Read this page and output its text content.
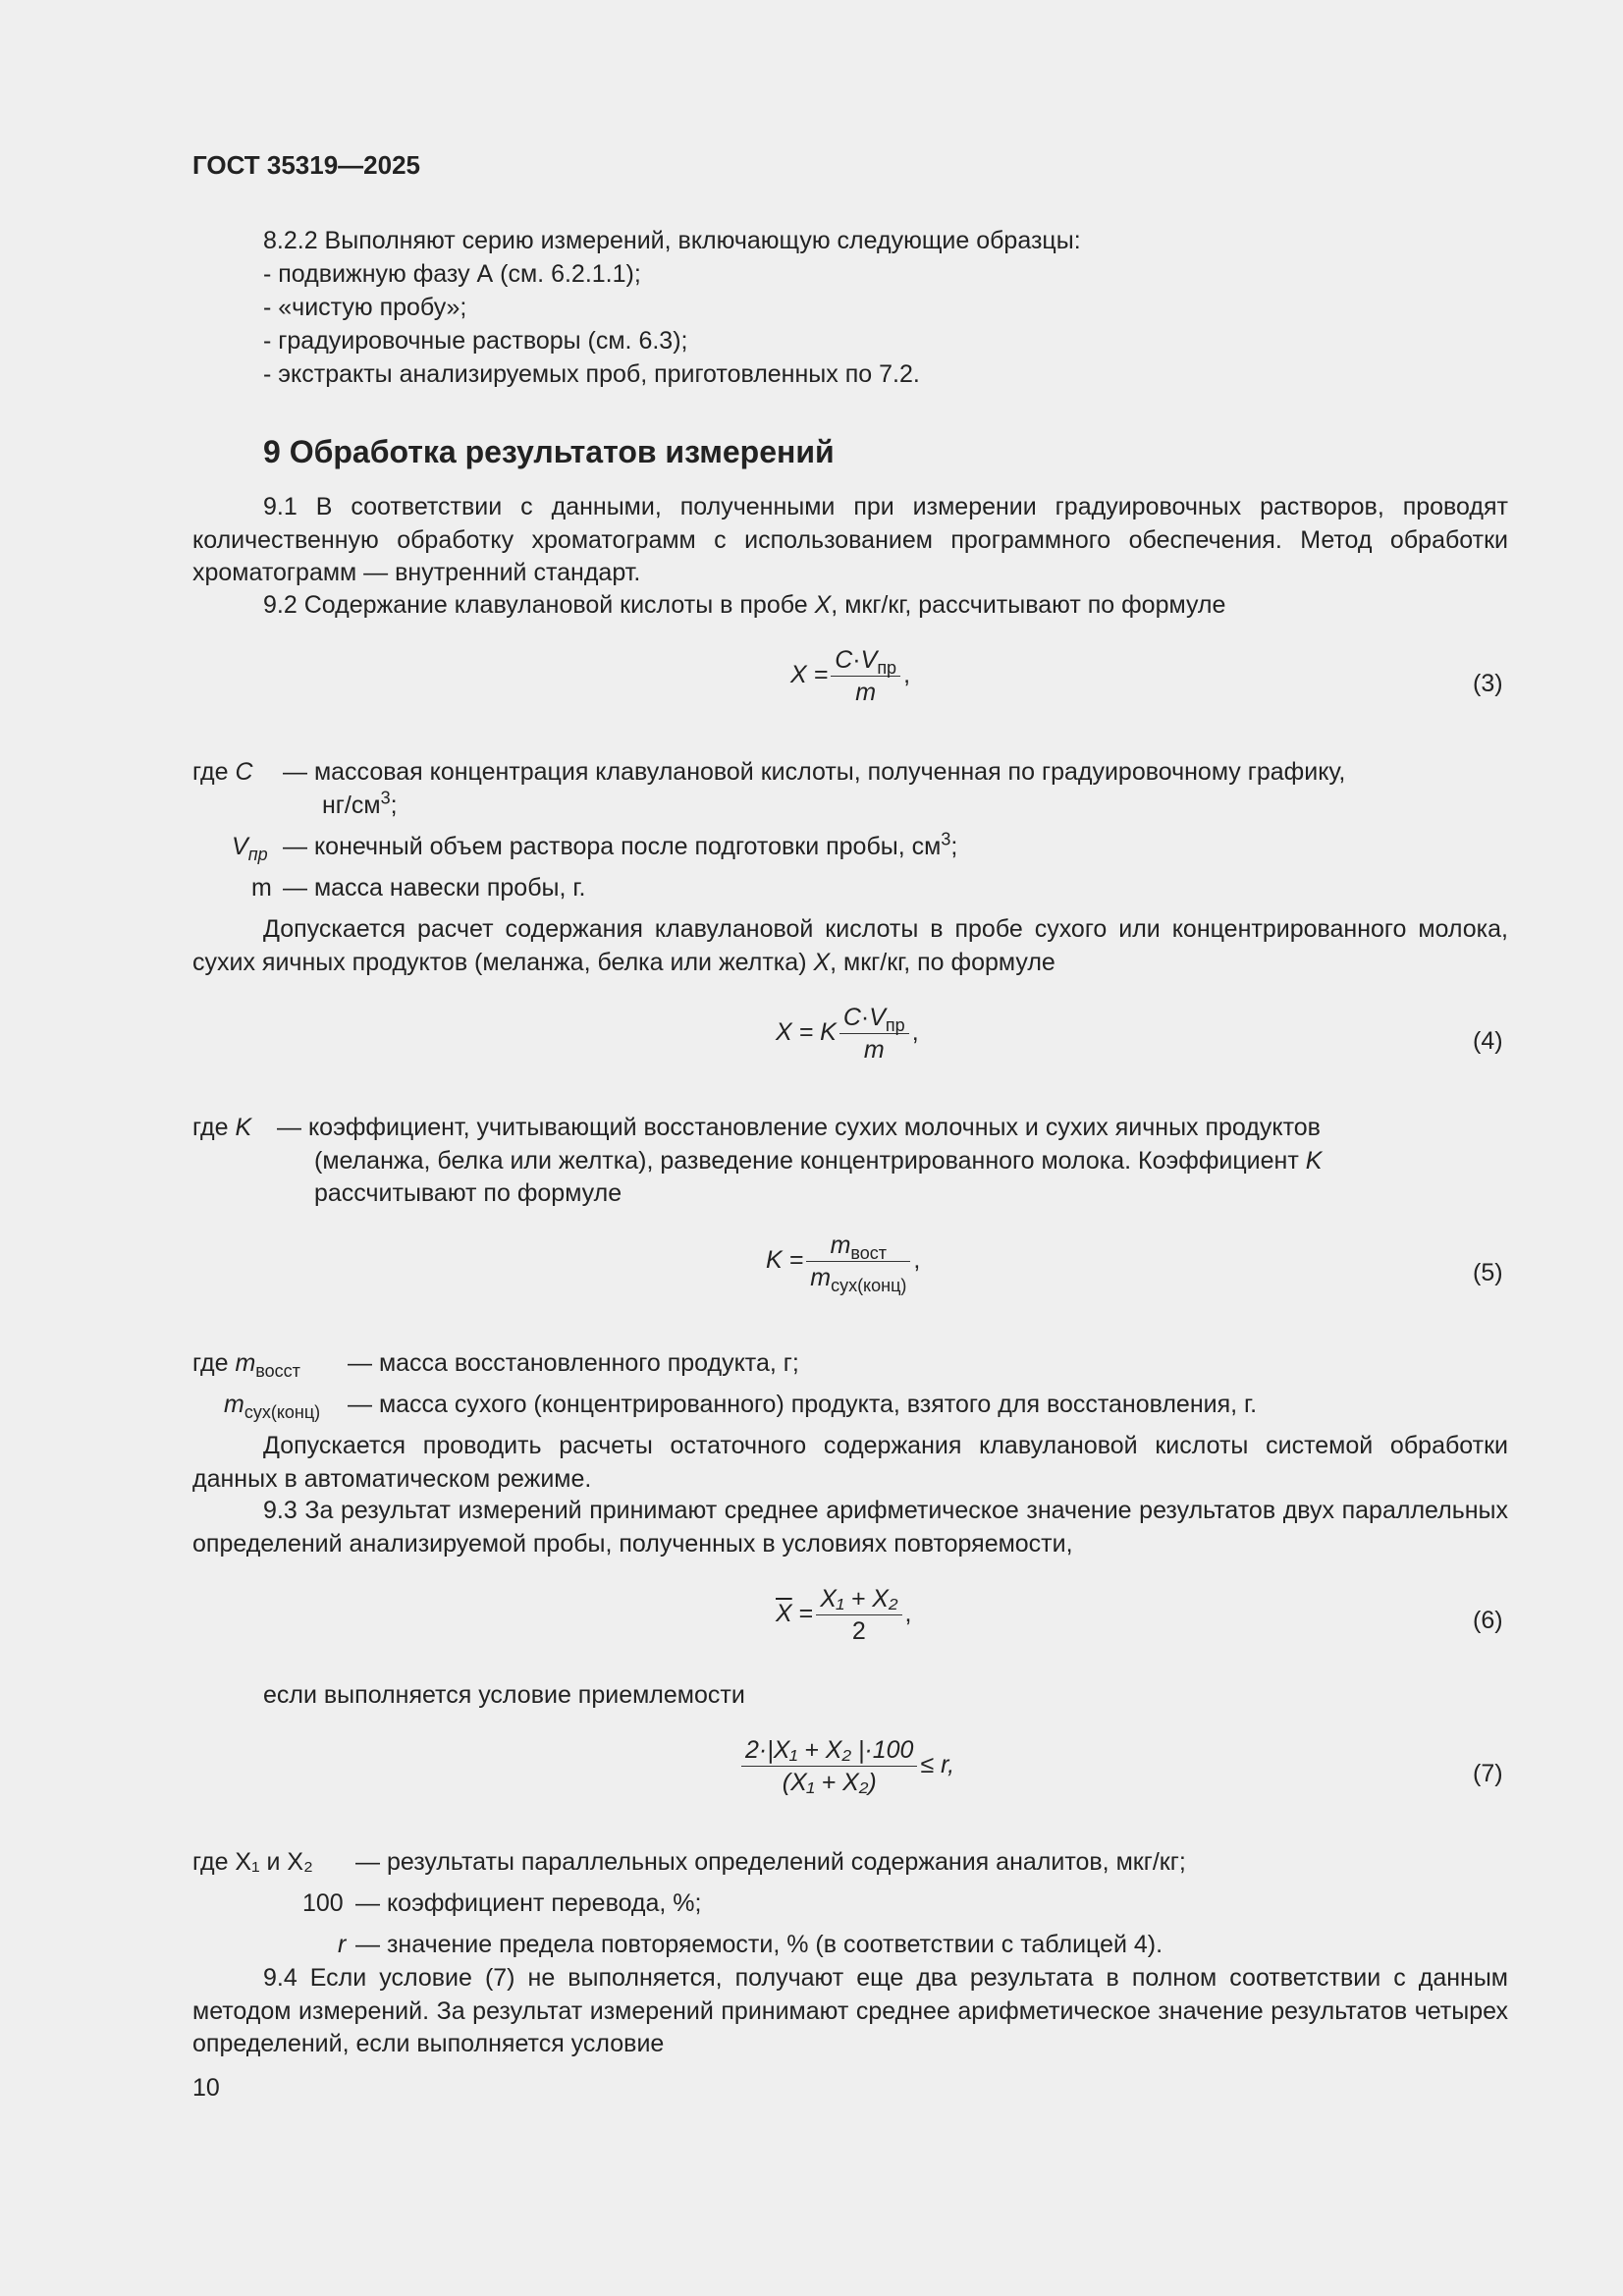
ГОСТ 35319—2025
8.2.2 Выполняют серию измерений, включающую следующие образцы:
- подвижную фазу А (см. 6.2.1.1);
- «чистую пробу»;
- градуировочные растворы (см. 6.3);
- экстракты анализируемых проб, приготовленных по 7.2.
9 Обработка результатов измерений
9.1 В соответствии с данными, полученными при измерении градуировочных растворов, проводят количественную обработку хроматограмм с использованием программного обеспечения. Метод обработки хроматограмм — внутренний стандарт.
9.2 Содержание клавулановой кислоты в пробе X, мкг/кг, рассчитывают по формуле
$X = \frac{C\cdot V_{пр}}{m}$ ,	(3)
где C — массовая концентрация клавулановой кислоты, полученная по градуировочному графику,
$нг/см^3$;
$V_{пр}$ — конечный объем раствора после подготовки пробы, $см^3$;
m — масса навески пробы, г.
Допускается расчет содержания клавулановой кислоты в пробе сухого или концентрированного молока, сухих яичных продуктов (меланжа, белка или желтка) X, мкг/кг, по формуле
X = K $\frac{C\cdot V_{пр}}{m}$ ,	(4)
где K — коэффициент, учитывающий восстановление сухих молочных и сухих яичных продуктов
(меланжа, белка или желтка), разведение концентрированного молока. Коэффициент K
рассчитывают по формуле
$K = \frac{m_{вост}}{m_{сух(конц)}}$ ,	(5)
где $m_{восст}$ — масса восстановленного продукта, г;
$m_{сух(конц)}$ — масса сухого (концентрированного) продукта, взятого для восстановления, г.
Допускается проводить расчеты остаточного содержания клавулановой кислоты системой обработки данных в автоматическом режиме.
9.3 За результат измерений принимают среднее арифметическое значение результатов двух параллельных определений анализируемой пробы, полученных в условиях повторяемости,
$\overline{X} = \frac{\text{X₁ + X₂}}{2}$ ,	(6)
если выполняется условие приемлемости
$\frac{\text{2·|X₁ + X₂ |·100}}{\text{(X₁ + X₂)}} \le r$,	(7)
где X₁ и X₂ — результаты параллельных определений содержания аналитов, мкг/кг;
100 — коэффициент перевода, %;
r — значение предела повторяемости, % (в соответствии с таблицей 4).
9.4 Если условие (7) не выполняется, получают еще два результата в полном соответствии с данным методом измерений. За результат измерений принимают среднее арифметическое значение результатов четырех определений, если выполняется условие
10
